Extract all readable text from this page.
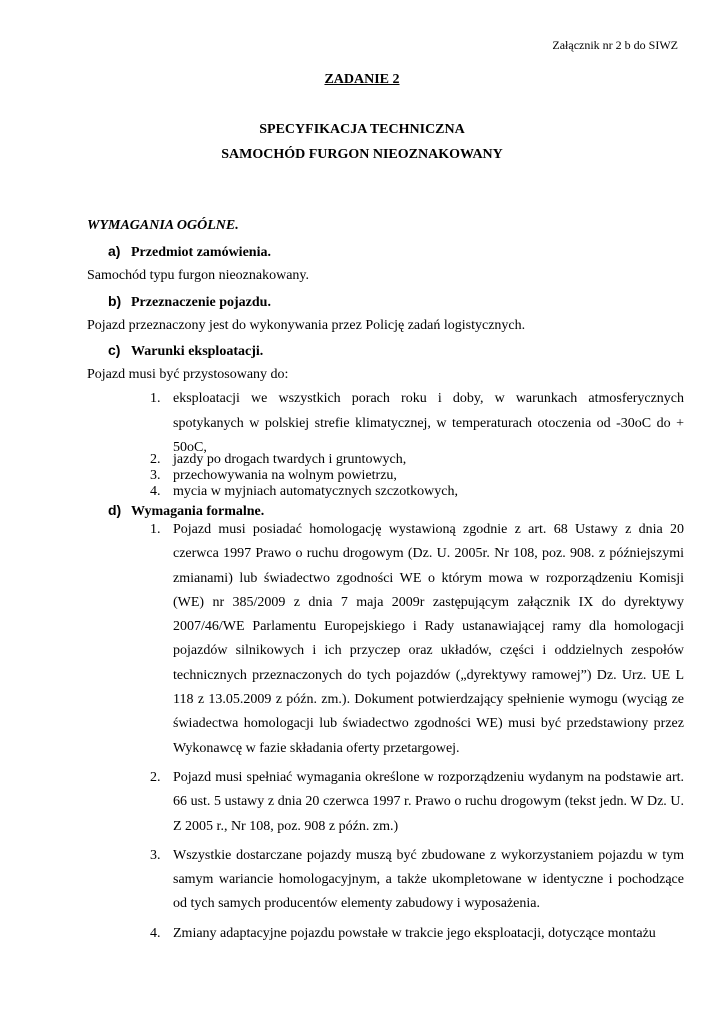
Załącznik nr 2 b do SIWZ
ZADANIE 2
SPECYFIKACJA TECHNICZNA
SAMOCHÓD FURGON NIEOZNAKOWANY
WYMAGANIA OGÓLNE.
a) Przedmiot zamówienia.
Samochód typu furgon nieoznakowany.
b) Przeznaczenie pojazdu.
Pojazd przeznaczony jest do wykonywania przez Policję zadań logistycznych.
c) Warunki eksploatacji.
Pojazd musi być przystosowany do:
1. eksploatacji we wszystkich porach roku i doby, w warunkach atmosferycznych spotykanych w polskiej strefie klimatycznej, w temperaturach otoczenia od -30oC do + 50oC,
2. jazdy po drogach twardych i gruntowych,
3. przechowywania na wolnym powietrzu,
4. mycia w myjniach automatycznych szczotkowych,
d) Wymagania formalne.
1. Pojazd musi posiadać homologację wystawioną zgodnie z art. 68 Ustawy z dnia 20 czerwca 1997 Prawo o ruchu drogowym (Dz. U. 2005r. Nr 108, poz. 908. z późniejszymi zmianami) lub świadectwo zgodności WE o którym mowa w rozporządzeniu Komisji (WE) nr 385/2009 z dnia 7 maja 2009r zastępującym załącznik IX do dyrektywy 2007/46/WE Parlamentu Europejskiego i Rady ustanawiającej ramy dla homologacji pojazdów silnikowych i ich przyczep oraz układów, części i oddzielnych zespołów technicznych przeznaczonych do tych pojazdów („dyrektywy ramowej”) Dz. Urz. UE L 118 z 13.05.2009 z późn. zm.). Dokument potwierdzający spełnienie wymogu (wyciąg ze świadectwa homologacji lub świadectwo zgodności WE) musi być przedstawiony przez Wykonawcę w fazie składania oferty przetargowej.
2. Pojazd musi spełniać wymagania określone w rozporządzeniu wydanym na podstawie art. 66 ust. 5 ustawy z dnia 20 czerwca 1997 r. Prawo o ruchu drogowym (tekst jedn. W Dz. U. Z 2005 r., Nr 108, poz. 908 z późn. zm.)
3. Wszystkie dostarczane pojazdy muszą być zbudowane z wykorzystaniem pojazdu w tym samym wariancie homologacyjnym, a także ukompletowane w identyczne i pochodzące od tych samych producentów elementy zabudowy i wyposażenia.
4. Zmiany adaptacyjne pojazdu powstałe w trakcie jego eksploatacji, dotyczące montażu
